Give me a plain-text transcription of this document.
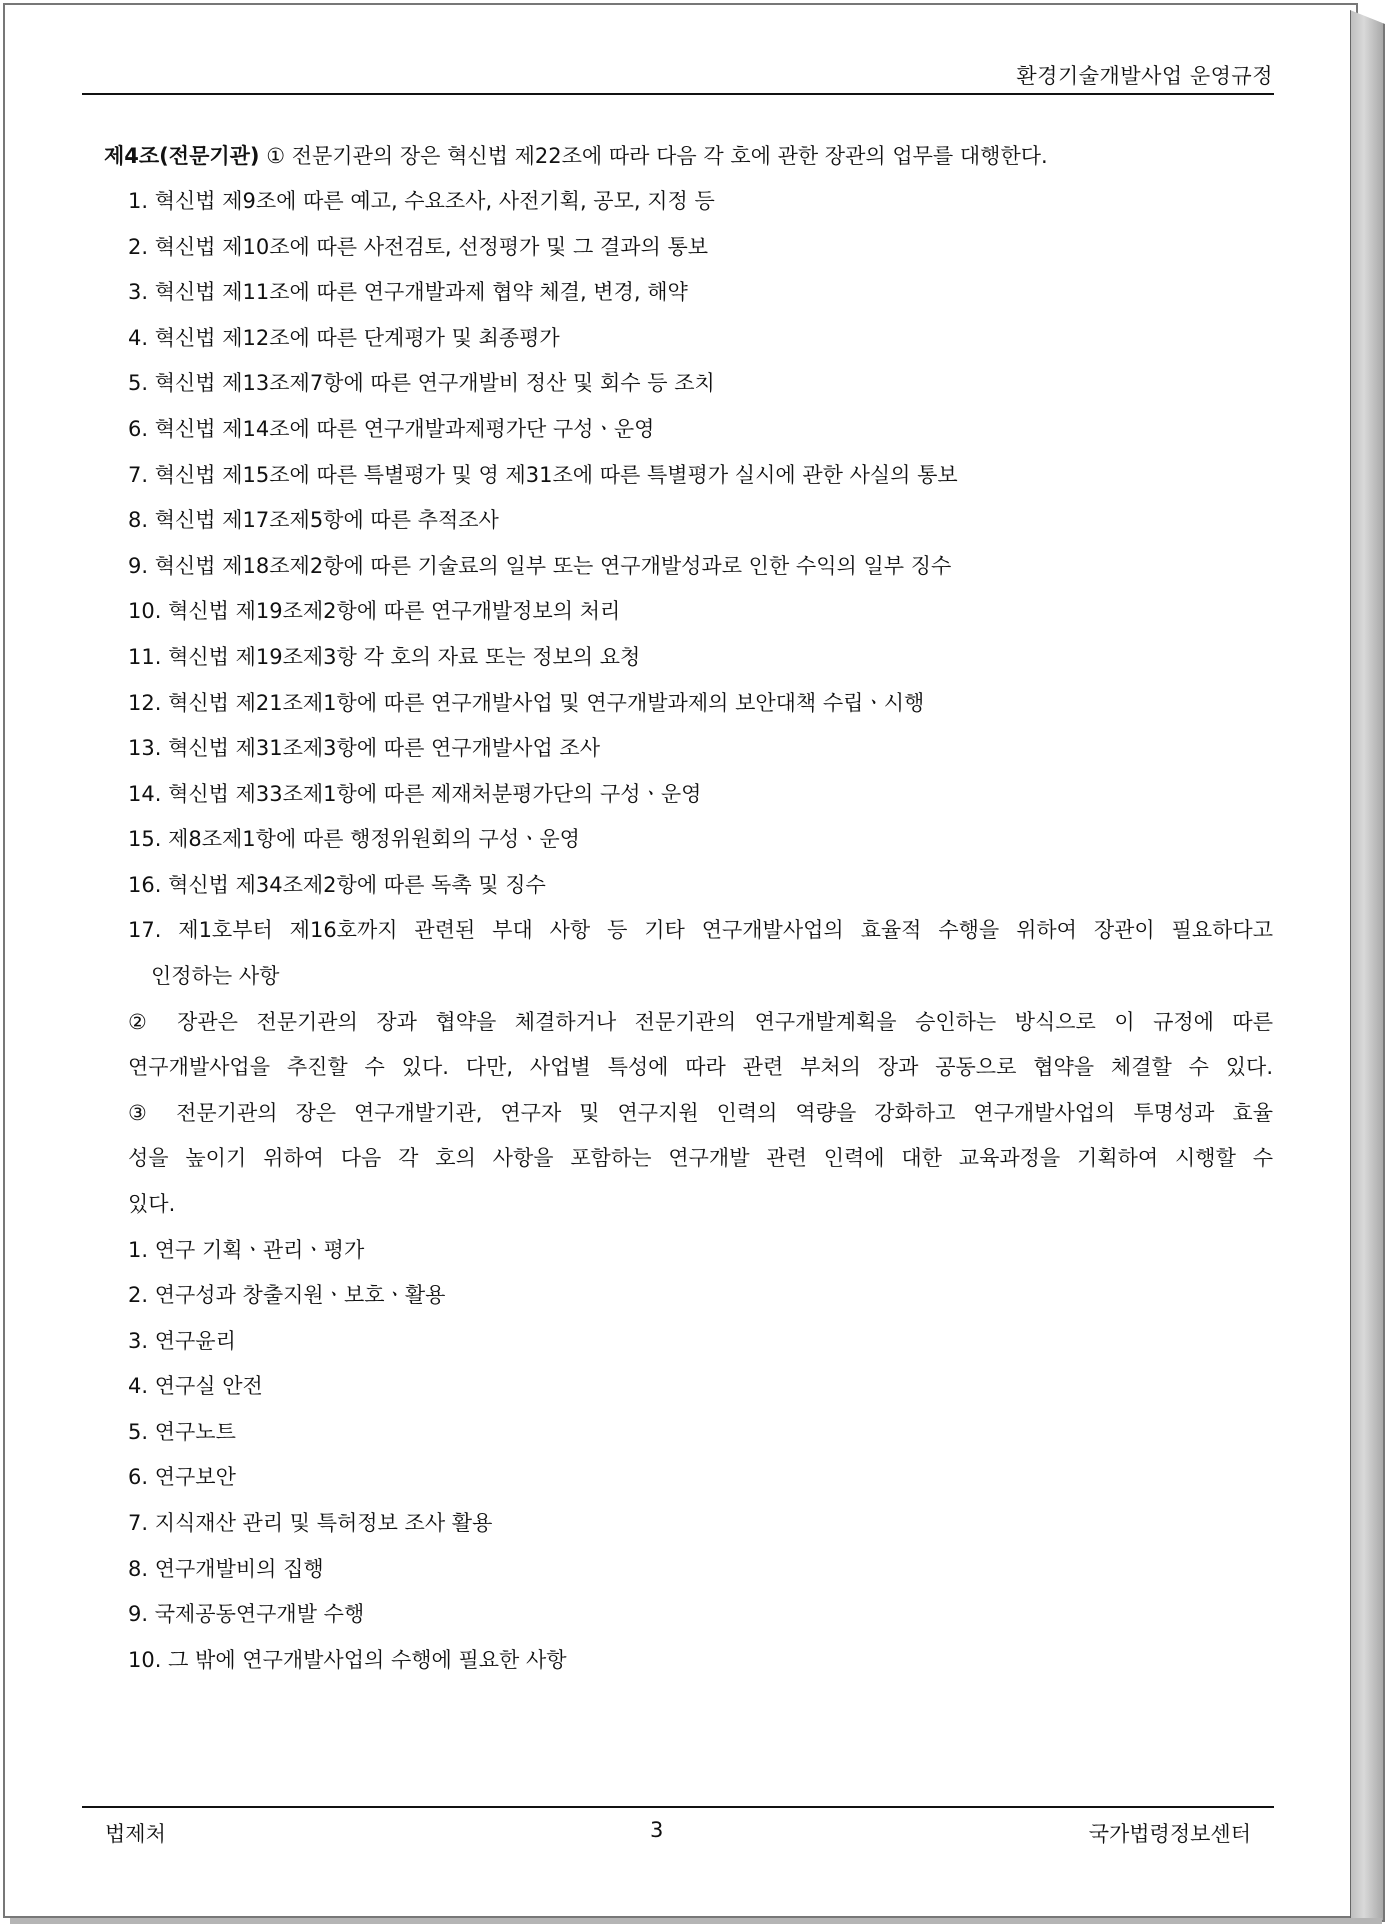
환경기술개발사업 운영규정
제4조(전문기관) ① 전문기관의 장은 혁신법 제22조에 따라 다음 각 호에 관한 장관의 업무를 대행한다.
1. 혁신법 제9조에 따른 예고, 수요조사, 사전기획, 공모, 지정 등
2. 혁신법 제10조에 따른 사전검토, 선정평가 및 그 결과의 통보
3. 혁신법 제11조에 따른 연구개발과제 협약 체결, 변경, 해약
4. 혁신법 제12조에 따른 단계평가 및 최종평가
5. 혁신법 제13조제7항에 따른 연구개발비 정산 및 회수 등 조치
6. 혁신법 제14조에 따른 연구개발과제평가단 구성ㆍ운영
7. 혁신법 제15조에 따른 특별평가 및 영 제31조에 따른 특별평가 실시에 관한 사실의 통보
8. 혁신법 제17조제5항에 따른 추적조사
9. 혁신법 제18조제2항에 따른 기술료의 일부 또는 연구개발성과로 인한 수익의 일부 징수
10. 혁신법 제19조제2항에 따른 연구개발정보의 처리
11. 혁신법 제19조제3항 각 호의 자료 또는 정보의 요청
12. 혁신법 제21조제1항에 따른 연구개발사업 및 연구개발과제의 보안대책 수립ㆍ시행
13. 혁신법 제31조제3항에 따른 연구개발사업 조사
14. 혁신법 제33조제1항에 따른 제재처분평가단의 구성ㆍ운영
15. 제8조제1항에 따른 행정위원회의 구성ㆍ운영
16. 혁신법 제34조제2항에 따른 독촉 및 징수
17. 제1호부터 제16호까지 관련된 부대 사항 등 기타 연구개발사업의 효율적 수행을 위하여 장관이 필요하다고
인정하는 사항
② 장관은 전문기관의 장과 협약을 체결하거나 전문기관의 연구개발계획을 승인하는 방식으로 이 규정에 따른
연구개발사업을 추진할 수 있다. 다만, 사업별 특성에 따라 관련 부처의 장과 공동으로 협약을 체결할 수 있다.
③ 전문기관의 장은 연구개발기관, 연구자 및 연구지원 인력의 역량을 강화하고 연구개발사업의 투명성과 효율
성을 높이기 위하여 다음 각 호의 사항을 포함하는 연구개발 관련 인력에 대한 교육과정을 기획하여 시행할 수
있다.
1. 연구 기획ㆍ관리ㆍ평가
2. 연구성과 창출지원ㆍ보호ㆍ활용
3. 연구윤리
4. 연구실 안전
5. 연구노트
6. 연구보안
7. 지식재산 관리 및 특허정보 조사 활용
8. 연구개발비의 집행
9. 국제공동연구개발 수행
10. 그 밖에 연구개발사업의 수행에 필요한 사항
법제처	3	국가법령정보센터
